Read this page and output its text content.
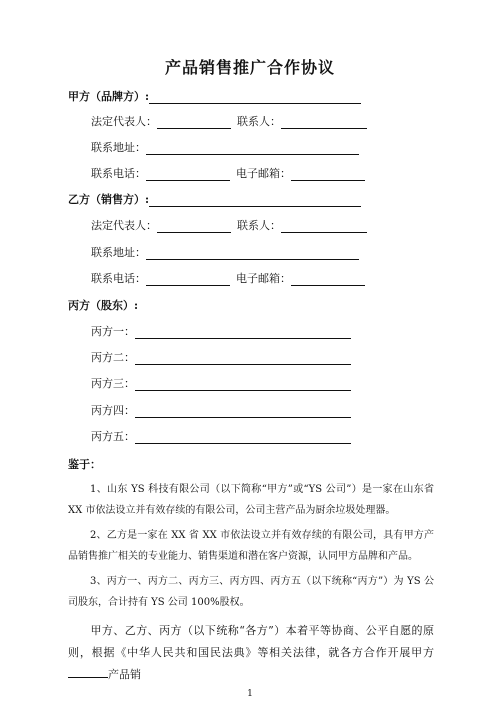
产品销售推广合作协议
甲方（品牌方）:
法定代表人：	联系人：
联系地址：
联系电话：	电子邮箱：
乙方（销售方）:
法定代表人：	联系人：
联系地址：
联系电话：	电子邮箱：
丙方（股东）:
丙方一：
丙方二：
丙方三：
丙方四：
丙方五：
鉴于：
1、山东 YS 科技有限公司（以下简称“甲方”或“YS 公司”）是一家在山东省 XX 市依法设立并有效存续的有限公司，公司主营产品为厨余垃圾处理器。
2、乙方是一家在 XX 省 XX 市依法设立并有效存续的有限公司，具有甲方产品销售推广相关的专业能力、销售渠道和潜在客户资源，认同甲方品牌和产品。
3、丙方一、丙方二、丙方三、丙方四、丙方五（以下统称“丙方”）为 YS 公司股东，合计持有 YS 公司 100%股权。
甲方、乙方、丙方（以下统称“各方”）本着平等协商、公平自愿的原则，根据《中华人民共和国民法典》等相关法律，就各方合作开展甲方产品销
1
